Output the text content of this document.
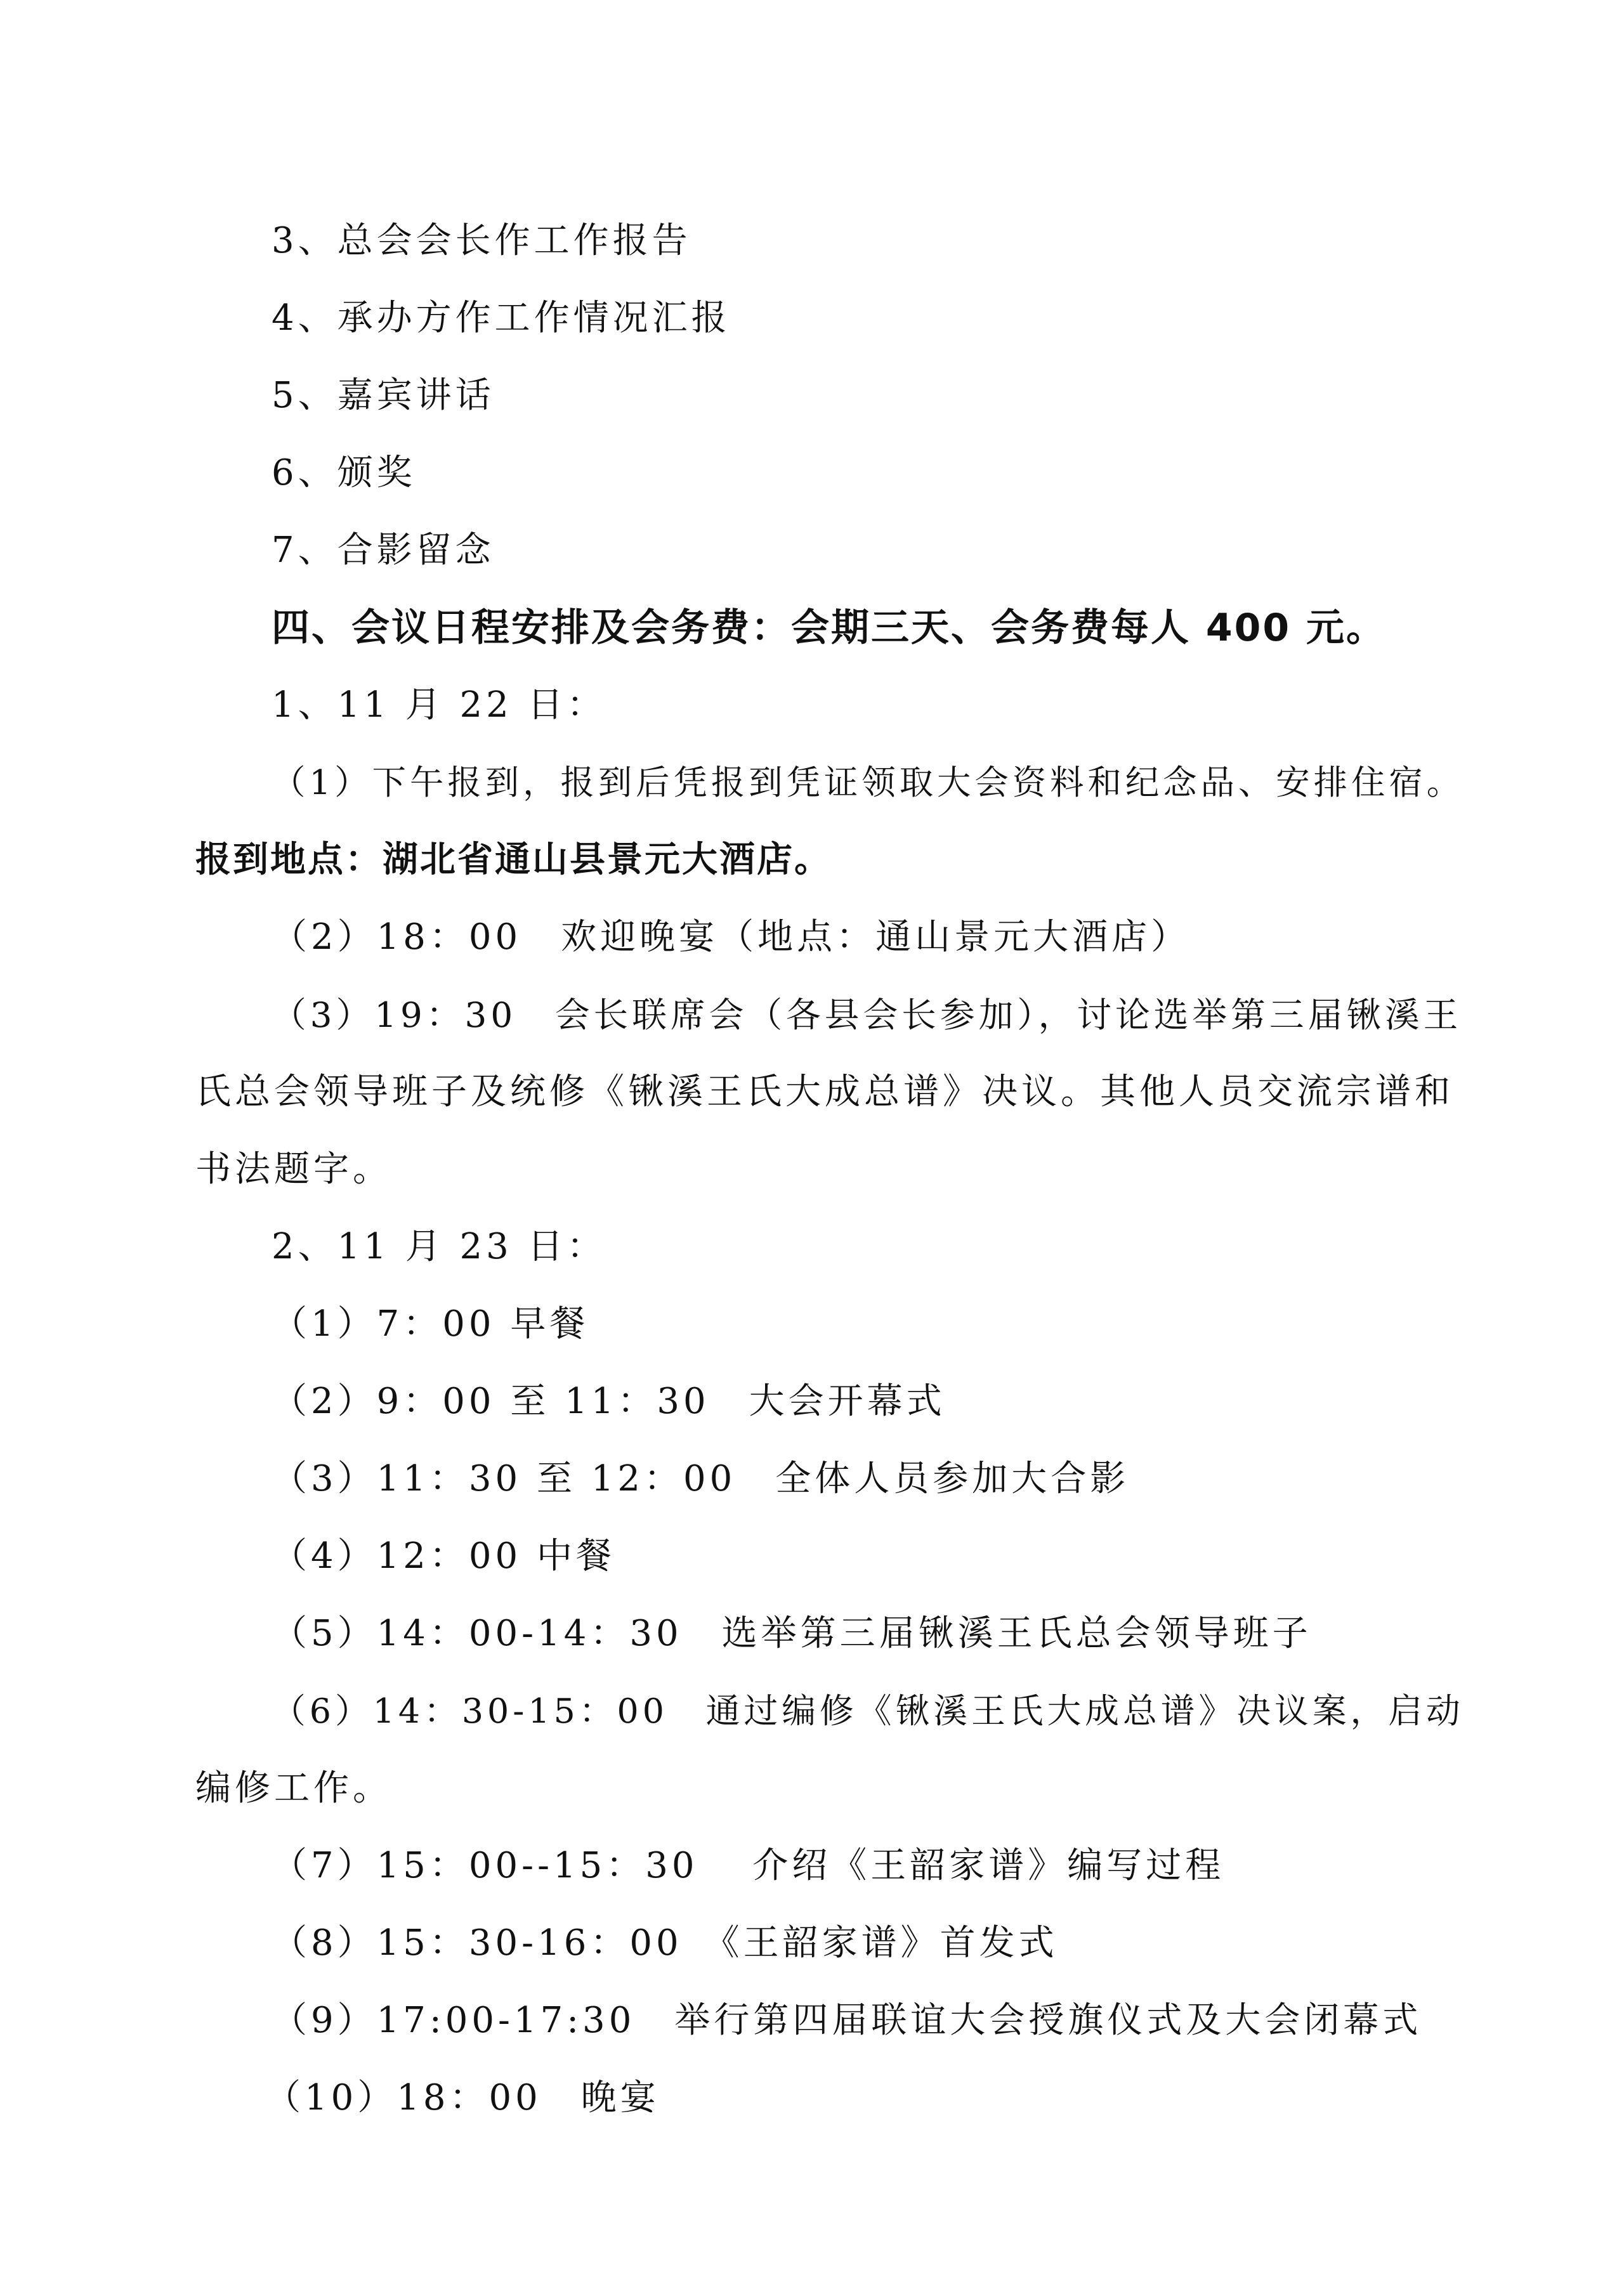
3、总会会长作工作报告
4、承办方作工作情况汇报
5、嘉宾讲话
6、颁奖
7、合影留念
四、会议日程安排及会务费：会期三天、会务费每人 400 元。
1、11 月 22 日：
（1）下午报到，报到后凭报到凭证领取大会资料和纪念品、安排住宿。
报到地点：湖北省通山县景元大酒店。
（2）18：00　欢迎晚宴（地点：通山景元大酒店）
（3）19：30　会长联席会（各县会长参加），讨论选举第三届锹溪王
氏总会领导班子及统修《锹溪王氏大成总谱》决议。其他人员交流宗谱和
书法题字。
2、11 月 23 日：
（1）7：00 早餐
（2）9：00 至 11：30　大会开幕式
（3）11：30 至 12：00　全体人员参加大合影
（4）12：00 中餐
（5）14：00-14：30　选举第三届锹溪王氏总会领导班子
（6）14：30-15：00　通过编修《锹溪王氏大成总谱》决议案，启动
编修工作。
（7）15：00--15：30　 介绍《王韶家谱》编写过程
（8）15：30-16：00　《王韶家谱》首发式
（9）17:00-17:30　举行第四届联谊大会授旗仪式及大会闭幕式
（10）18：00　晚宴
